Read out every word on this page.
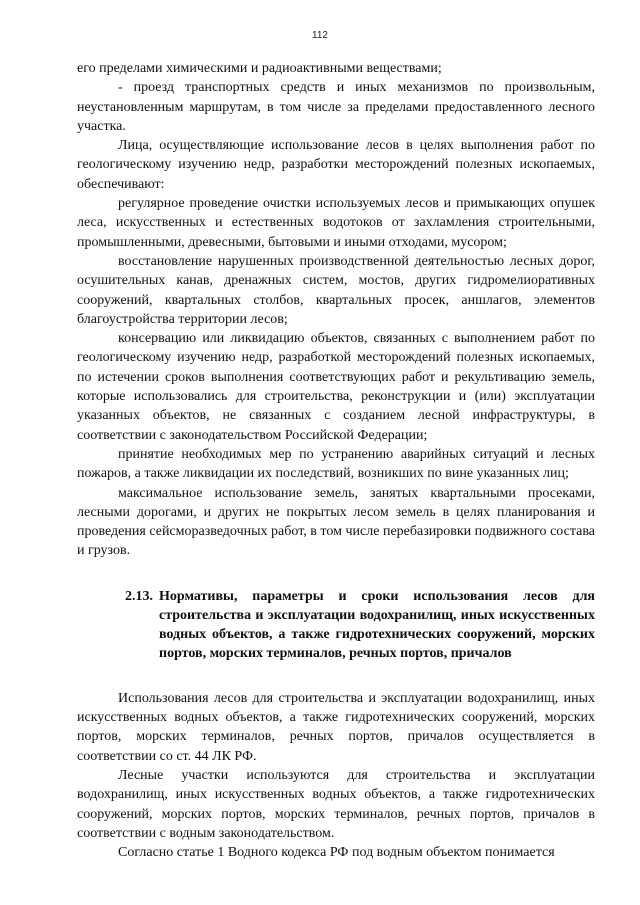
112

его пределами химическими и радиоактивными веществами;

- проезд транспортных средств и иных механизмов по произвольным, неустановленным маршрутам, в том числе за пределами предоставленного лесного участка.

Лица, осуществляющие использование лесов в целях выполнения работ по геологическому изучению недр, разработки месторождений полезных ископаемых, обеспечивают:

регулярное проведение очистки используемых лесов и примыкающих опушек леса, искусственных и естественных водотоков от захламления строительными, промышленными, древесными, бытовыми и иными отходами, мусором;

восстановление нарушенных производственной деятельностью лесных дорог, осушительных канав, дренажных систем, мостов, других гидромелиоративных сооружений, квартальных столбов, квартальных просек, аншлагов, элементов благоустройства территории лесов;

консервацию или ликвидацию объектов, связанных с выполнением работ по геологическому изучению недр, разработкой месторождений полезных ископаемых, по истечении сроков выполнения соответствующих работ и рекультивацию земель, которые использовались для строительства, реконструкции и (или) эксплуатации указанных объектов, не связанных с созданием лесной инфраструктуры, в соответствии с законодательством Российской Федерации;

принятие необходимых мер по устранению аварийных ситуаций и лесных пожаров, а также ликвидации их последствий, возникших по вине указанных лиц;

максимальное использование земель, занятых квартальными просеками, лесными дорогами, и других не покрытых лесом земель в целях планирования и проведения сейсморазведочных работ, в том числе перебазировки подвижного состава и грузов.

2.13. Нормативы, параметры и сроки использования лесов для строительства и эксплуатации водохранилищ, иных искусственных водных объектов, а также гидротехнических сооружений, морских портов, морских терминалов, речных портов, причалов

Использования лесов для строительства и эксплуатации водохранилищ, иных искусственных водных объектов, а также гидротехнических сооружений, морских портов, морских терминалов, речных портов, причалов осуществляется в соответствии со ст. 44 ЛК РФ.

Лесные участки используются для строительства и эксплуатации водохранилищ, иных искусственных водных объектов, а также гидротехнических сооружений, морских портов, морских терминалов, речных портов, причалов в соответствии с водным законодательством.

Согласно статье 1 Водного кодекса РФ под водным объектом понимается
